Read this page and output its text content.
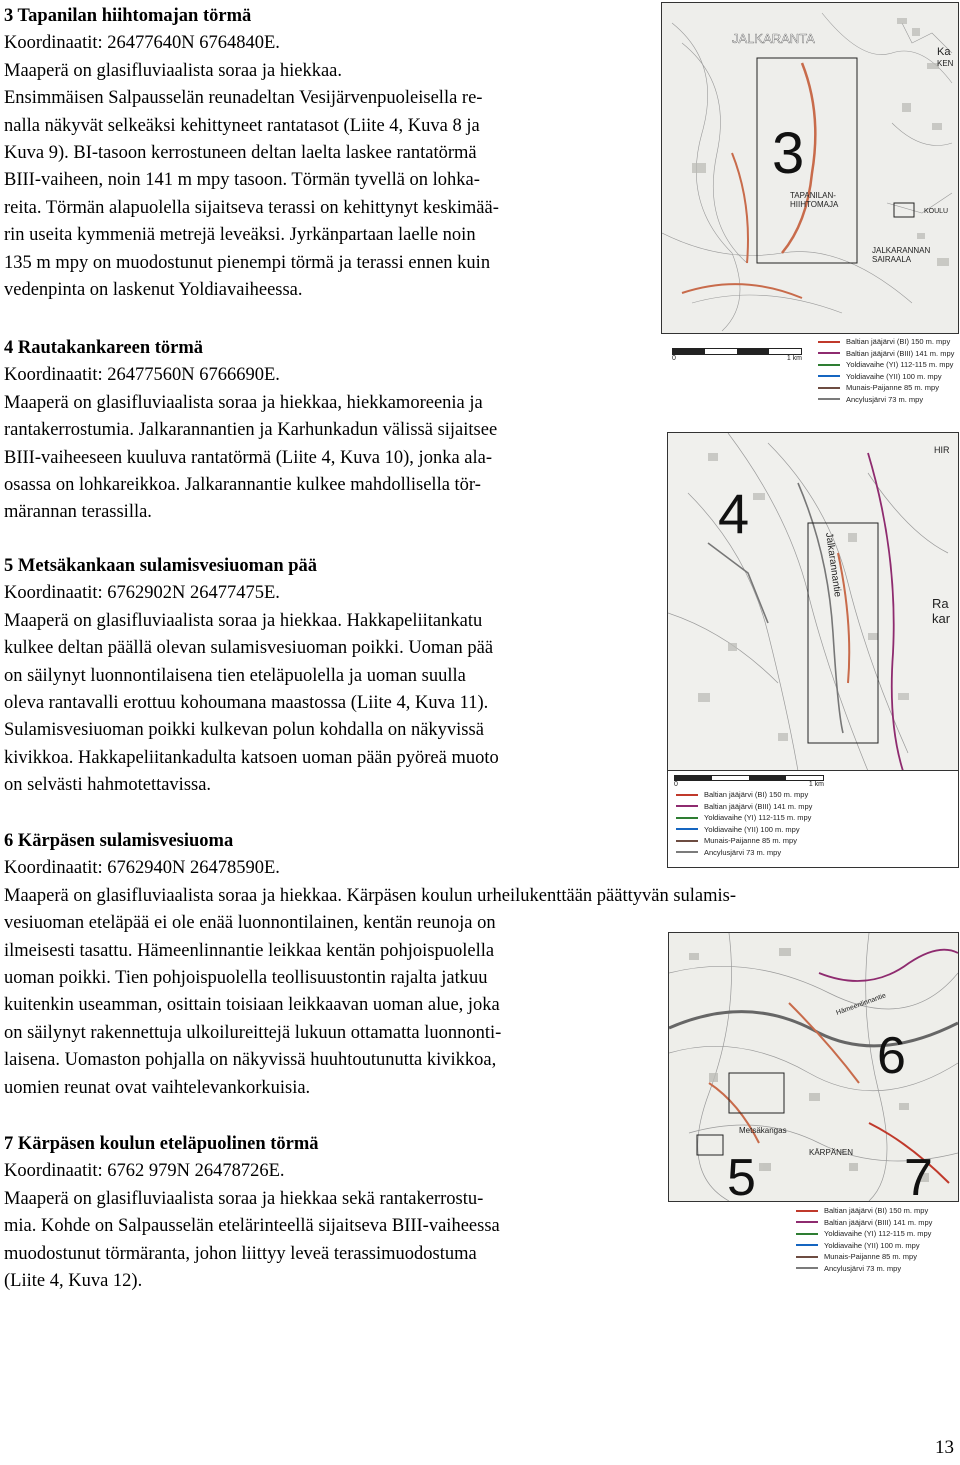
3 Tapanilan hiihtomajan törmä
Koordinaatit: 26477640N 6764840E.
Maaperä on glasifluviaalista soraa ja hiekkaa.
Ensimmäisen Salpausselän reunadeltan Vesijärvenpuoleisella re-
nalla näkyvät selkeäksi kehittyneet rantatasot (Liite 4, Kuva 8 ja
Kuva 9). BI-tasoon kerrostuneen deltan laelta laskee rantatörmä
BIII-vaiheen, noin 141 m mpy tasoon. Törmän tyvellä on lohka-
reita. Törmän alapuolella sijaitseva terassi on kehittynyt keskimää-
rin useita kymmeniä metrejä leveäksi. Jyrkänpartaan laelle noin
135 m mpy on muodostunut pienempi törmä ja terassi ennen kuin
vedenpinta on laskenut Yoldiavaiheessa.
4 Rautakankareen törmä
Koordinaatit: 26477560N 6766690E.
Maaperä on glasifluviaalista soraa ja hiekkaa, hiekkamoreenia ja
rantakerrostumia. Jalkarannantien ja Karhunkadun välissä sijaitsee
BIII-vaiheeseen kuuluva rantatörmä (Liite 4, Kuva 10), jonka ala-
osassa on lohkareikkoa. Jalkarannantie kulkee mahdollisella tör-
märannan terassilla.
5 Metsäkankaan sulamisvesiuoman pää
Koordinaatit: 6762902N 26477475E.
Maaperä on glasifluviaalista soraa ja hiekkaa. Hakkapeliitankatu
kulkee deltan päällä olevan sulamisvesiuoman poikki. Uoman pää
on säilynyt luonnontilaisena tien eteläpuolella ja uoman suulla
oleva rantavalli erottuu kohoumana maastossa (Liite 4, Kuva 11).
Sulamisvesiuoman poikki kulkevan polun kohdalla on näkyvissä
kivikkoa. Hakkapeliitankadulta katsoen uoman pään pyöreä muoto
on selvästi hahmotettavissa.
6 Kärpäsen sulamisvesiuoma
Koordinaatit: 6762940N 26478590E.
Maaperä on glasifluviaalista soraa ja hiekkaa. Kärpäsen koulun urheilukenttään päättyvän sulamis-
vesiuoman eteläpää ei ole enää luonnontilainen, kentän reunoja on
ilmeisesti tasattu. Hämeenlinnantie leikkaa kentän pohjoispuolella
uoman poikki. Tien pohjoispuolella teollisuustontin rajalta jatkuu
kuitenkin useamman, osittain toisiaan leikkaavan uoman alue, joka
on säilynyt rakennettuja ulkoilureittejä lukuun ottamatta luonnonti-
laisena. Uomaston pohjalla on näkyvissä huuhtoutunutta kivikkoa,
uomien reunat ovat vaihtelevankorkuisia.
7 Kärpäsen koulun eteläpuolinen törmä
Koordinaatit: 6762 979N 26478726E.
Maaperä on glasifluviaalista soraa ja hiekkaa sekä rantakerrostu-
mia. Kohde on Salpausselän etelärinteellä sijaitseva BIII-vaiheessa
muodostunut törmäranta, johon liittyy leveä terassimuodostuma
(Liite 4, Kuva 12).
3
JALKARANTA
TAPANILAN-
HIIHTOMAJA
JALKARANNAN
SAIRAALA
KOULU
Ka
KEN
0	1 km
Baltian jääjärvi (BI) 150 m. mpy
Baltian jääjärvi (BIII) 141 m. mpy
Yoldiavaihe (YI) 112-115 m. mpy
Yoldiavaihe (YII) 100 m. mpy
Munais-Paijanne 85 m. mpy
Ancylusjärvi 73 m. mpy
4
Jalkarannantie
Ra
kar
HIR
0	1 km
Baltian jääjärvi (BI) 150 m. mpy
Baltian jääjärvi (BIII) 141 m. mpy
Yoldiavaihe (YI) 112-115 m. mpy
Yoldiavaihe (YII) 100 m. mpy
Munais-Paijanne 85 m. mpy
Ancylusjärvi 73 m. mpy
6
5	7
Metsäkangas
KÄRPÄNEN
Hämeenlinnantie
Baltian jääjärvi (BI) 150 m. mpy
Baltian jääjärvi (BIII) 141 m. mpy
Yoldiavaihe (YI) 112-115 m. mpy
Yoldiavaihe (YII) 100 m. mpy
Munais-Paijanne 85 m. mpy
Ancylusjärvi 73 m. mpy
13
